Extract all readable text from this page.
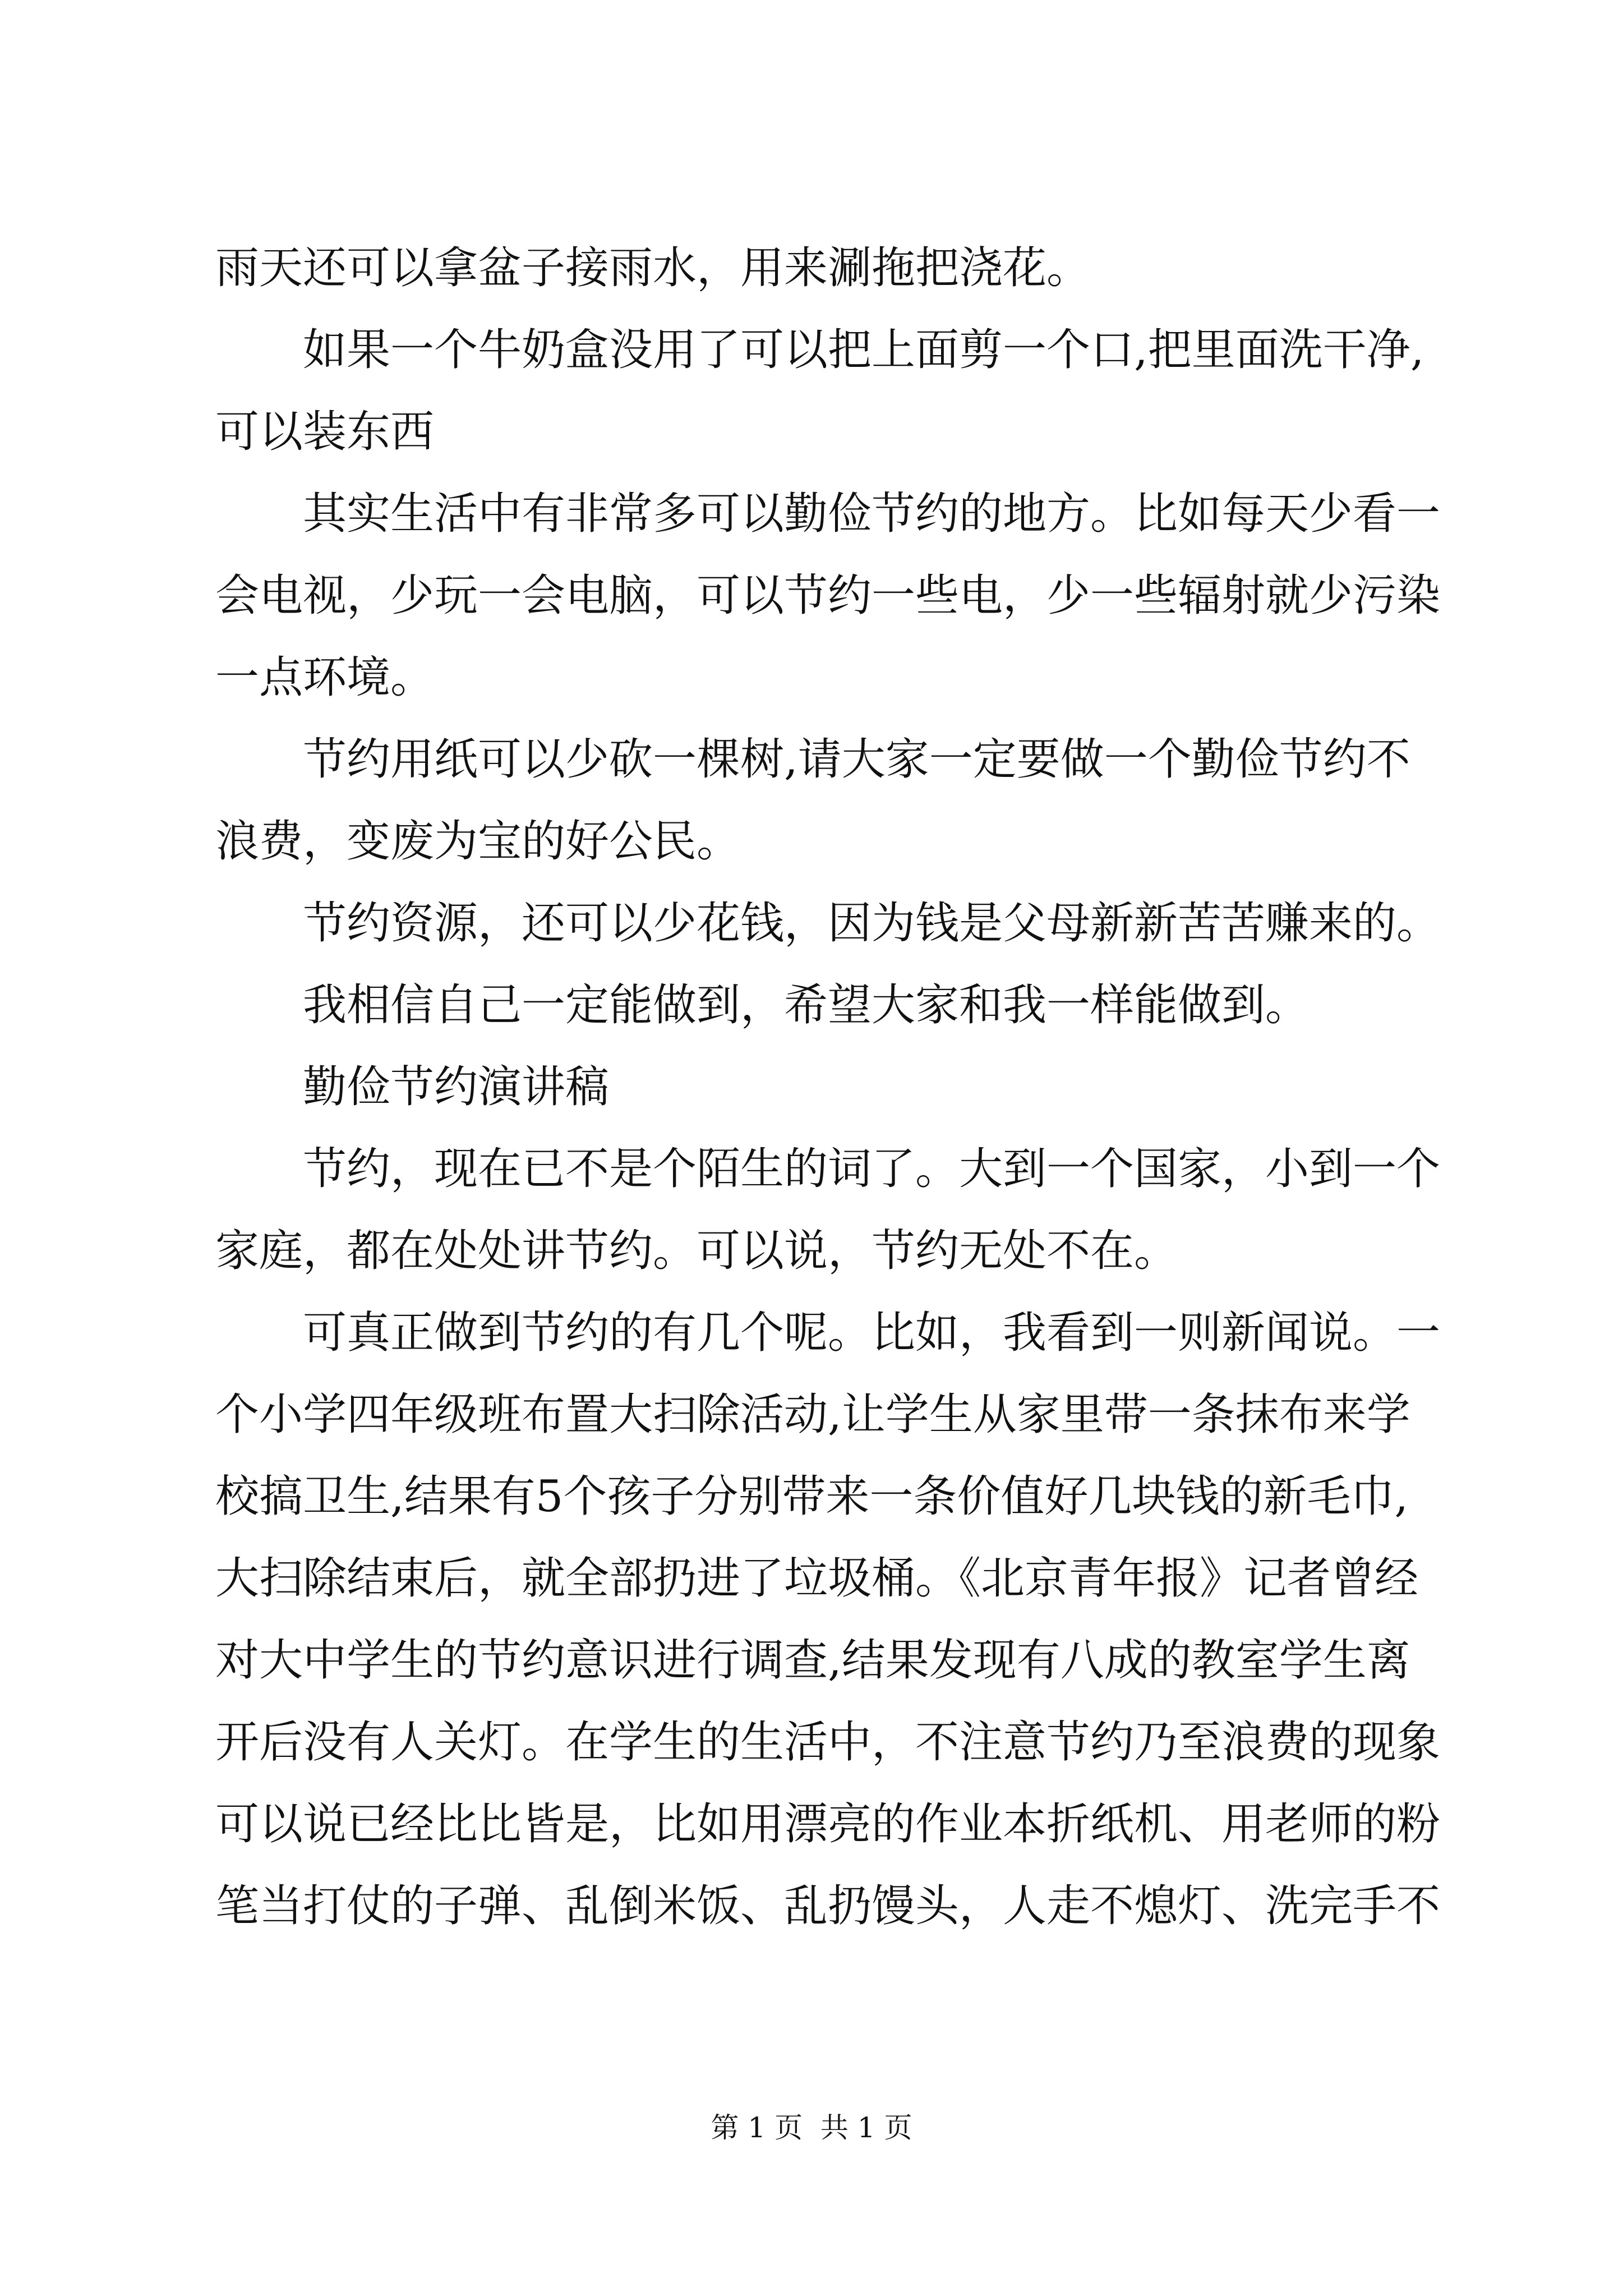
雨天还可以拿盆子接雨水，用来涮拖把浇花。
如果一个牛奶盒没用了可以把上面剪一个口,把里面洗干净,
可以装东西
其实生活中有非常多可以勤俭节约的地方。比如每天少看一
会电视，少玩一会电脑，可以节约一些电，少一些辐射就少污染
一点环境。
节约用纸可以少砍一棵树,请大家一定要做一个勤俭节约不
浪费，变废为宝的好公民。
节约资源，还可以少花钱，因为钱是父母新新苦苦赚来的。
我相信自己一定能做到，希望大家和我一样能做到。
勤俭节约演讲稿
节约，现在已不是个陌生的词了。大到一个国家，小到一个
家庭，都在处处讲节约。可以说，节约无处不在。
可真正做到节约的有几个呢。比如，我看到一则新闻说。一
个小学四年级班布置大扫除活动,让学生从家里带一条抹布来学
校搞卫生,结果有5个孩子分别带来一条价值好几块钱的新毛巾,
大扫除结束后，就全部扔进了垃圾桶。《北京青年报》记者曾经
对大中学生的节约意识进行调查,结果发现有八成的教室学生离
开后没有人关灯。在学生的生活中，不注意节约乃至浪费的现象
可以说已经比比皆是，比如用漂亮的作业本折纸机、用老师的粉
笔当打仗的子弹、乱倒米饭、乱扔馒头，人走不熄灯、洗完手不
第 1 页  共 1 页
